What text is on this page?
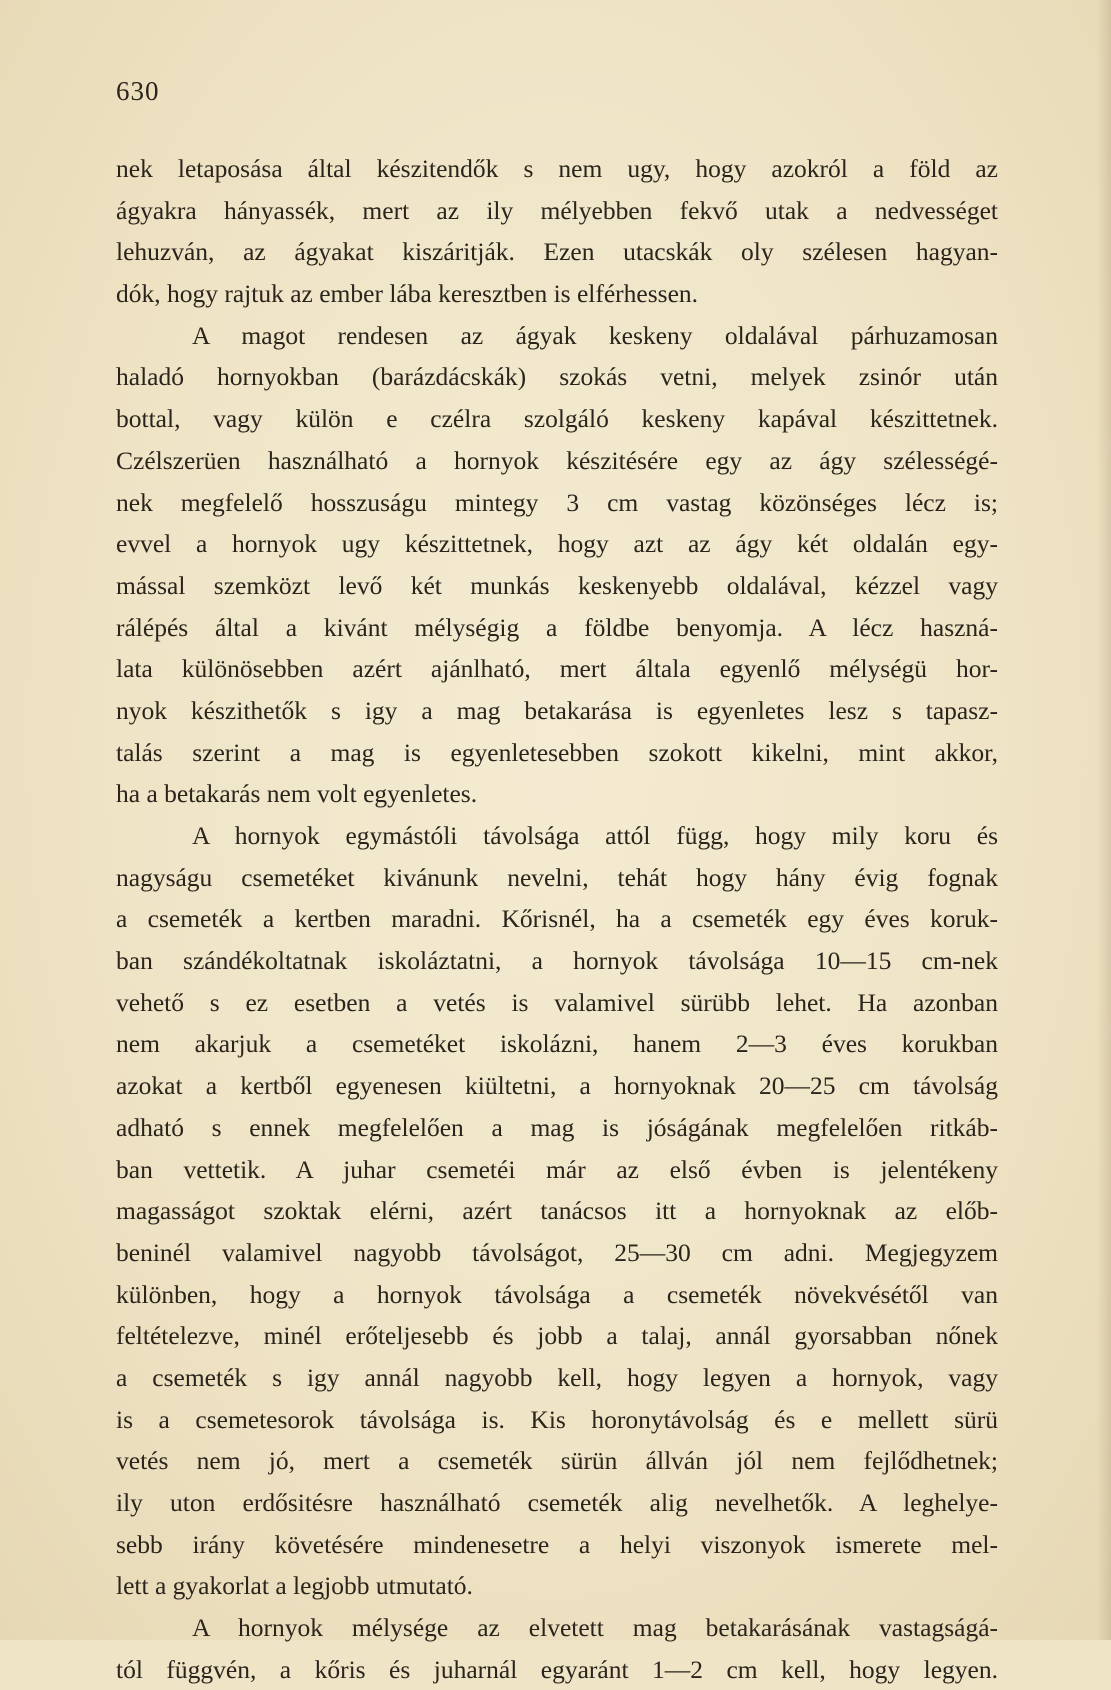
630
nek letaposása által készitendők s nem ugy, hogy azokról a föld az
ágyakra hányassék, mert az ily mélyebben fekvő utak a nedvességet
lehuzván, az ágyakat kiszáritják. Ezen utacskák oly szélesen hagyan-
dók, hogy rajtuk az ember lába keresztben is elférhessen.
A magot rendesen az ágyak keskeny oldalával párhuzamosan
haladó hornyokban (barázdácskák) szokás vetni, melyek zsinór után
bottal, vagy külön e czélra szolgáló keskeny kapával készittetnek.
Czélszerüen használható a hornyok készitésére egy az ágy szélességé-
nek megfelelő hosszuságu mintegy 3 cm vastag közönséges lécz is;
evvel a hornyok ugy készittetnek, hogy azt az ágy két oldalán egy-
mással szemközt levő két munkás keskenyebb oldalával, kézzel vagy
rálépés által a kivánt mélységig a földbe benyomja. A lécz haszná-
lata különösebben azért ajánlható, mert általa egyenlő mélységü hor-
nyok készithetők s igy a mag betakarása is egyenletes lesz s tapasz-
talás szerint a mag is egyenletesebben szokott kikelni, mint akkor,
ha a betakarás nem volt egyenletes.
A hornyok egymástóli távolsága attól függ, hogy mily koru és
nagyságu csemetéket kivánunk nevelni, tehát hogy hány évig fognak
a csemeték a kertben maradni. Kőrisnél, ha a csemeték egy éves koruk-
ban szándékoltatnak iskoláztatni, a hornyok távolsága 10—15 cm-nek
vehető s ez esetben a vetés is valamivel sürübb lehet. Ha azonban
nem akarjuk a csemetéket iskolázni, hanem 2—3 éves korukban
azokat a kertből egyenesen kiültetni, a hornyoknak 20—25 cm távolság
adható s ennek megfelelően a mag is jóságának megfelelően ritkáb-
ban vettetik. A juhar csemetéi már az első évben is jelentékeny
magasságot szoktak elérni, azért tanácsos itt a hornyoknak az előb-
beninél valamivel nagyobb távolságot, 25—30 cm adni. Megjegyzem
különben, hogy a hornyok távolsága a csemeték növekvésétől van
feltételezve, minél erőteljesebb és jobb a talaj, annál gyorsabban nőnek
a csemeték s igy annál nagyobb kell, hogy legyen a hornyok, vagy
is a csemetesorok távolsága is. Kis horonytávolság és e mellett sürü
vetés nem jó, mert a csemeték sürün állván jól nem fejlődhetnek;
ily uton erdősitésre használható csemeték alig nevelhetők. A leghelye-
sebb irány követésére mindenesetre a helyi viszonyok ismerete mel-
lett a gyakorlat a legjobb utmutató.
A hornyok mélysége az elvetett mag betakarásának vastagságá-
tól függvén, a kőris és juharnál egyaránt 1—2 cm kell, hogy legyen.
